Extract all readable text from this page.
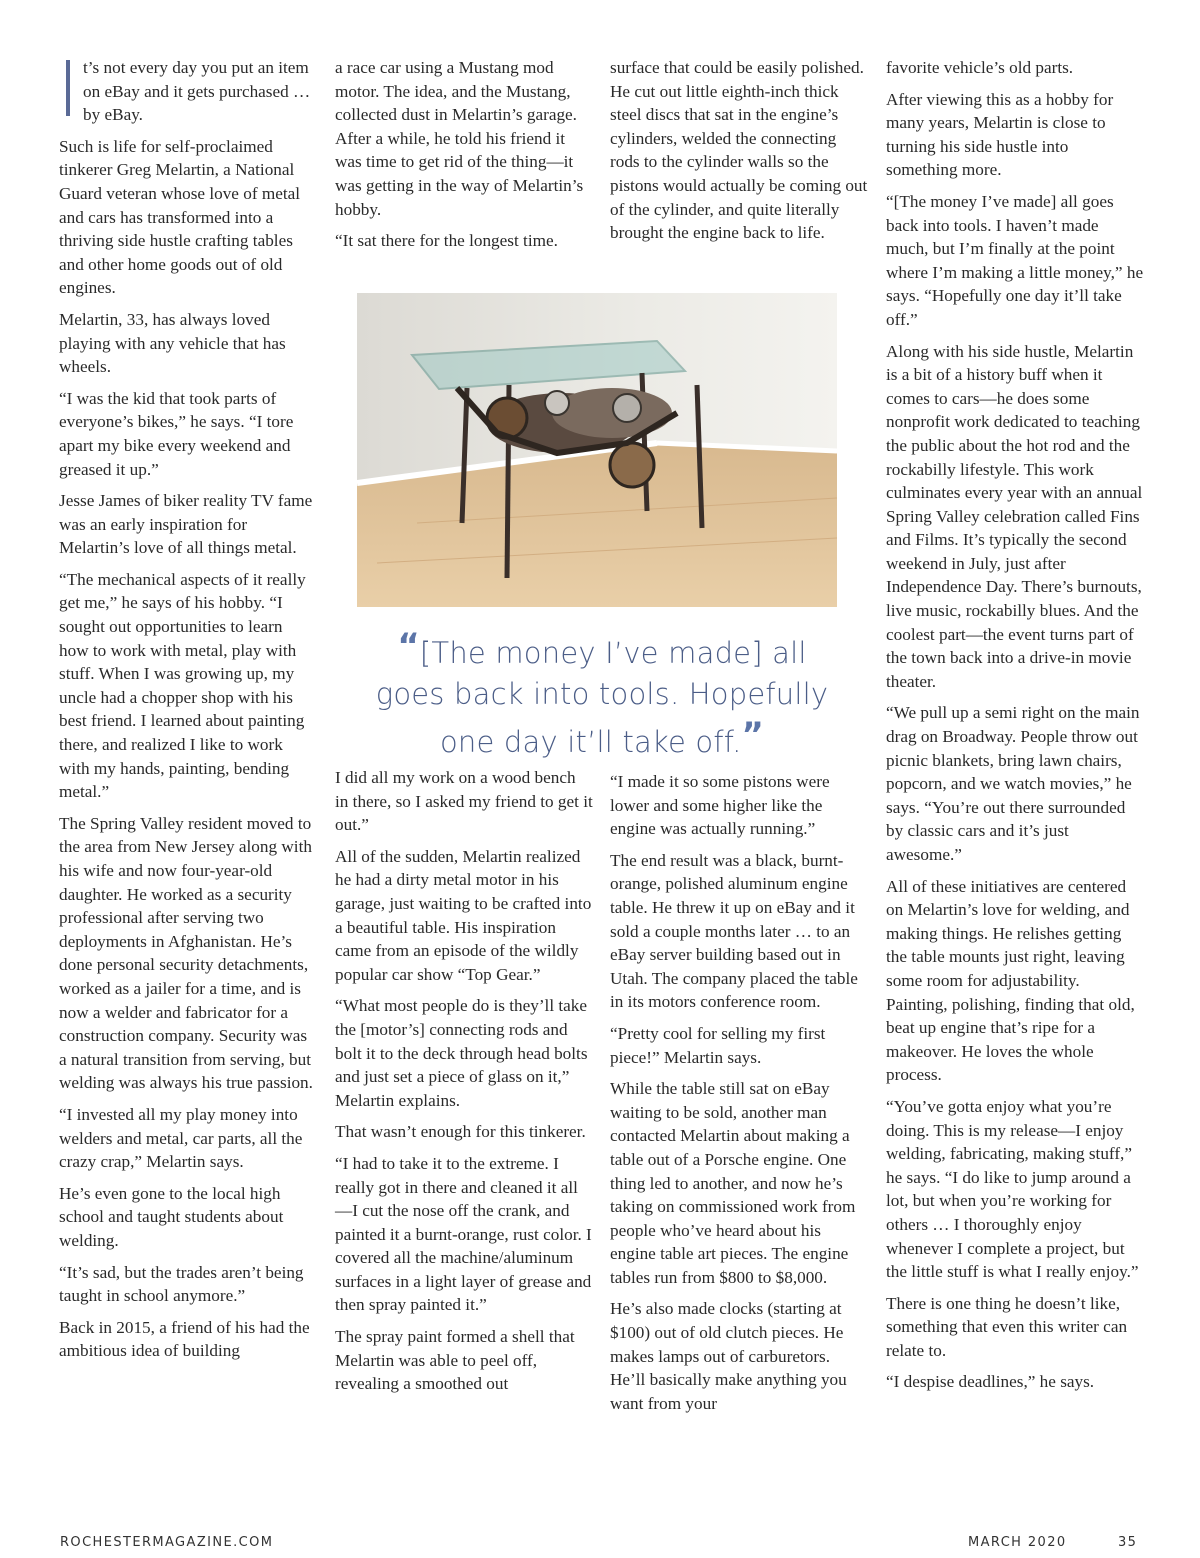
t’s not every day you put an item on eBay and it gets purchased … by eBay.

Such is life for self-proclaimed tinkerer Greg Melartin, a National Guard veteran whose love of metal and cars has transformed into a thriving side hustle crafting tables and other home goods out of old engines.

Melartin, 33, has always loved playing with any vehicle that has wheels.

“I was the kid that took parts of everyone’s bikes,” he says. “I tore apart my bike every weekend and greased it up.”

Jesse James of biker reality TV fame was an early inspiration for Melartin’s love of all things metal.

“The mechanical aspects of it really get me,” he says of his hobby. “I sought out opportunities to learn how to work with metal, play with stuff. When I was growing up, my uncle had a chopper shop with his best friend. I learned about painting there, and realized I like to work with my hands, painting, bending metal.”

The Spring Valley resident moved to the area from New Jersey along with his wife and now four-year-old daughter. He worked as a security professional after serving two deployments in Afghanistan. He’s done personal security detachments, worked as a jailer for a time, and is now a welder and fabricator for a construction company. Security was a natural transition from serving, but welding was always his true passion.

“I invested all my play money into welders and metal, car parts, all the crazy crap,” Melartin says.

He’s even gone to the local high school and taught students about welding.

“It’s sad, but the trades aren’t being taught in school anymore.”

Back in 2015, a friend of his had the ambitious idea of building

a race car using a Mustang mod motor. The idea, and the Mustang, collected dust in Melartin’s garage. After a while, he told his friend it was time to get rid of the thing—it was getting in the way of Melartin’s hobby.

“It sat there for the longest time.

surface that could be easily polished. He cut out little eighth-inch thick steel discs that sat in the engine’s cylinders, welded the connecting rods to the cylinder walls so the pistons would actually be coming out of the cylinder, and quite literally brought the engine back to life.

“[The money I’ve made] all goes back into tools. Hopefully one day it’ll take off.”

I did all my work on a wood bench in there, so I asked my friend to get it out.”

All of the sudden, Melartin realized he had a dirty metal motor in his garage, just waiting to be crafted into a beautiful table. His inspiration came from an episode of the wildly popular car show “Top Gear.”

“What most people do is they’ll take the [motor’s] connecting rods and bolt it to the deck through head bolts and just set a piece of glass on it,” Melartin explains.

That wasn’t enough for this tinkerer.

“I had to take it to the extreme. I really got in there and cleaned it all—I cut the nose off the crank, and painted it a burnt-orange, rust color. I covered all the machine/aluminum surfaces in a light layer of grease and then spray painted it.”

The spray paint formed a shell that Melartin was able to peel off, revealing a smoothed out

“I made it so some pistons were lower and some higher like the engine was actually running.”

The end result was a black, burnt-orange, polished aluminum engine table. He threw it up on eBay and it sold a couple months later … to an eBay server building based out in Utah. The company placed the table in its motors conference room.

“Pretty cool for selling my first piece!” Melartin says.

While the table still sat on eBay waiting to be sold, another man contacted Melartin about making a table out of a Porsche engine. One thing led to another, and now he’s taking on commissioned work from people who’ve heard about his engine table art pieces. The engine tables run from $800 to $8,000.

He’s also made clocks (starting at $100) out of old clutch pieces. He makes lamps out of carburetors. He’ll basically make anything you want from your

favorite vehicle’s old parts.

After viewing this as a hobby for many years, Melartin is close to turning his side hustle into something more.

“[The money I’ve made] all goes back into tools. I haven’t made much, but I’m finally at the point where I’m making a little money,” he says. “Hopefully one day it’ll take off.”

Along with his side hustle, Melartin is a bit of a history buff when it comes to cars—he does some nonprofit work dedicated to teaching the public about the hot rod and the rockabilly lifestyle. This work culminates every year with an annual Spring Valley celebration called Fins and Films. It’s typically the second weekend in July, just after Independence Day. There’s burnouts, live music, rockabilly blues. And the coolest part—the event turns part of the town back into a drive-in movie theater.

“We pull up a semi right on the main drag on Broadway. People throw out picnic blankets, bring lawn chairs, popcorn, and we watch movies,” he says. “You’re out there surrounded by classic cars and it’s just awesome.”

All of these initiatives are centered on Melartin’s love for welding, and making things. He relishes getting the table mounts just right, leaving some room for adjustability. Painting, polishing, finding that old, beat up engine that’s ripe for a makeover. He loves the whole process.

“You’ve gotta enjoy what you’re doing. This is my release—I enjoy welding, fabricating, making stuff,” he says. “I do like to jump around a lot, but when you’re working for others … I thoroughly enjoy whenever I complete a project, but the little stuff is what I really enjoy.”

There is one thing he doesn’t like, something that even this writer can relate to.

“I despise deadlines,” he says.

ROCHESTERMAGAZINE.COM	MARCH 2020	35
